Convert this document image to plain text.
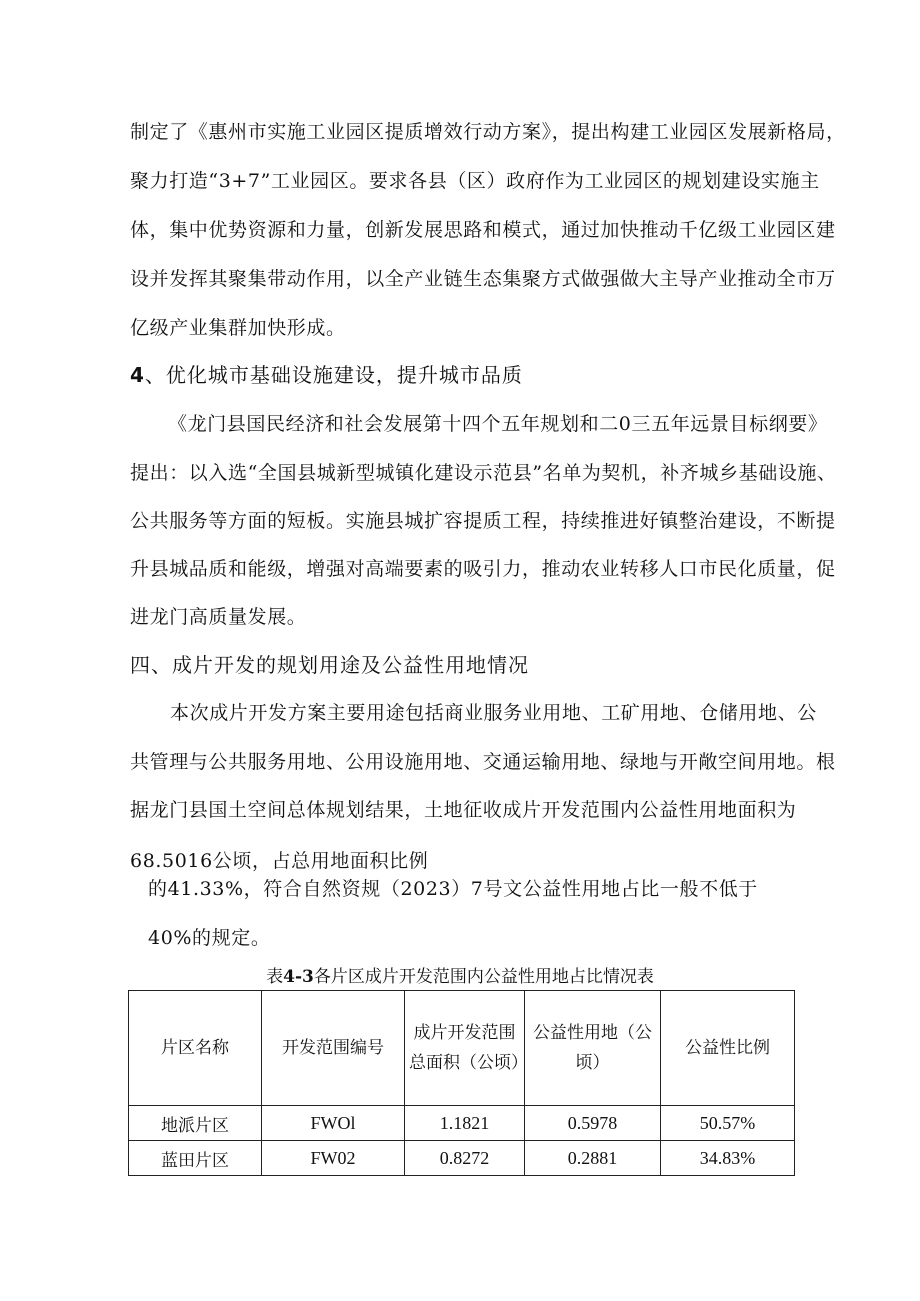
制定了《惠州市实施工业园区提质增效行动方案》，提出构建工业园区发展新格局，
聚力打造“3+7”工业园区。要求各县（区）政府作为工业园区的规划建设实施主
体，集中优势资源和力量，创新发展思路和模式，通过加快推动千亿级工业园区建
设并发挥其聚集带动作用，以全产业链生态集聚方式做强做大主导产业推动全市万
亿级产业集群加快形成。
4、优化城市基础设施建设，提升城市品质
《龙门县国民经济和社会发展第十四个五年规划和二0三五年远景目标纲要》
提出：以入选“全国县城新型城镇化建设示范县”名单为契机，补齐城乡基础设施、
公共服务等方面的短板。实施县城扩容提质工程，持续推进好镇整治建设，不断提
升县城品质和能级，增强对高端要素的吸引力，推动农业转移人口市民化质量，促
进龙门高质量发展。
四、成片开发的规划用途及公益性用地情况
本次成片开发方案主要用途包括商业服务业用地、工矿用地、仓储用地、公
共管理与公共服务用地、公用设施用地、交通运输用地、绿地与开敞空间用地。根
据龙门县国土空间总体规划结果，土地征收成片开发范围内公益性用地面积为
68.5016公顷，占总用地面积比例
的41.33%，符合自然资规（2023）7号文公益性用地占比一般不低于
40%的规定。
表4-3各片区成片开发范围内公益性用地占比情况表
片区名称	开发范围编号	成片开发范围总面积（公顷）	公益性用地（公顷）	公益性比例
地派片区	FWOl	1.1821	0.5978	50.57%
蓝田片区	FW02	0.8272	0.2881	34.83%
